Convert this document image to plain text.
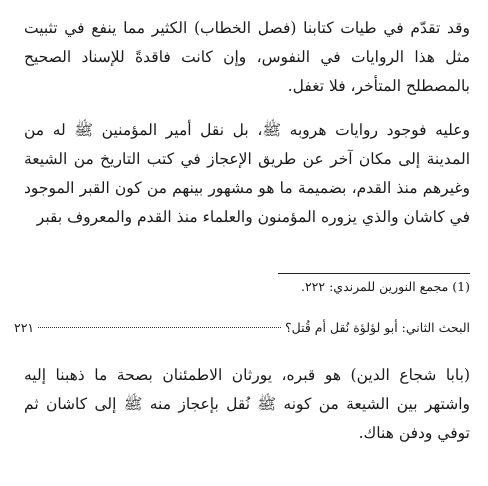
وقد تقدّم في طيات كتابنا (فصل الخطاب) الكثير مما ينفع في تثبيت مثل هذا الروايات في النفوس، وإن كانت فاقدةً للإسناد الصحيح بالمصطلح المتأخر، فلا تغفل.

وعليه فوجود روايات هروبه ﷺ، بل نقل أمير المؤمنين ﷺ له من المدينة إلى مكان آخر عن طريق الإعجاز في كتب التاريخ من الشيعة وغيرهم منذ القدم، بضميمة ما هو مشهور بينهم من كون القبر الموجود في كاشان والذي يزوره المؤمنون والعلماء منذ القدم والمعروف بقبر

(1) مجمع النورين للمرندي: ٢٢٢.
البحث الثاني: أبو لؤلؤة نُقل أم قُتل؟
٢٢١

(بابا شجاع الدين) هو قبره، يورثان الاطمئنان بصحة ما ذهبنا إليه واشتهر بين الشيعة من كونه ﷺ نُقل بإعجاز منه ﷺ إلى كاشان ثم توفي ودفن هناك.
